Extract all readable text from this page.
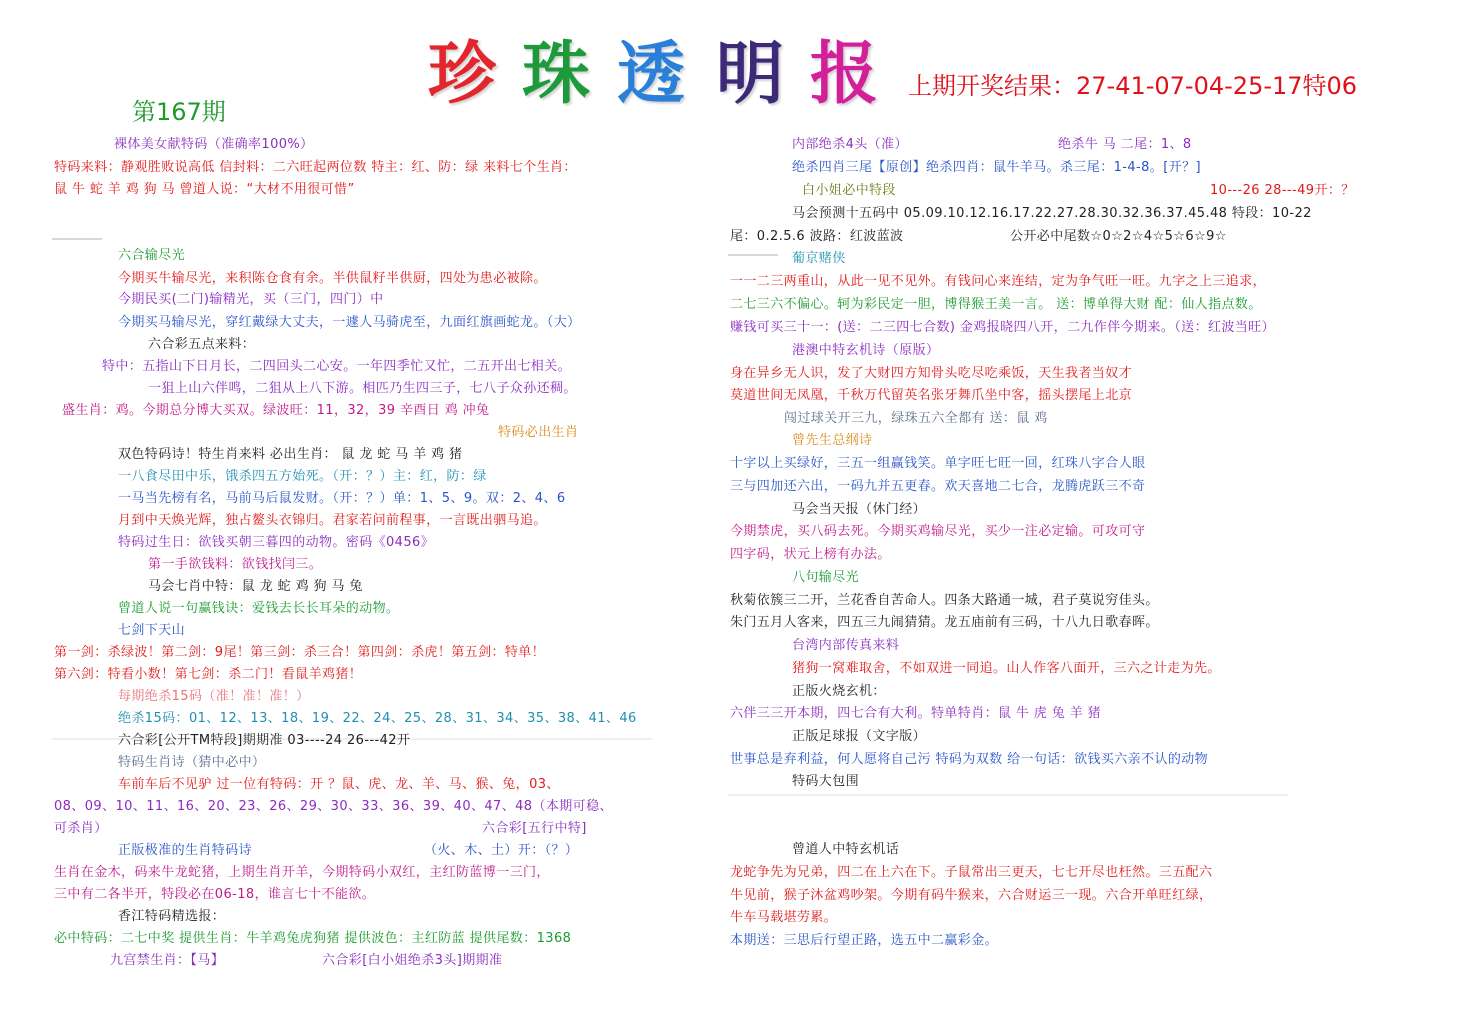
珍 珠 透 明 报 上期开奖结果：27-41-07-04-25-17特06
第167期
裸体美女献特码（准确率100%）
特码来料：静观胜败说高低 信封料：二六旺起两位数 特主：红、防：绿 来料七个生肖：
鼠 牛 蛇 羊 鸡 狗 马 曾道人说：“大材不用很可惜”
六合输尽光
今期买牛输尽光，来积陈仓食有余。半供鼠籽半供厨，四处为患必被除。
今期民买(二门)输精光，买（三门，四门）中
今期买马输尽光，穿红戴绿大丈夫，一遽人马骑虎至，九面红旗画蛇龙。（大）
六合彩五点来料：
特中：五指山下日月长，二四回头二心安。一年四季忙又忙，二五开出七相关。
一狙上山六伴鸣，二狙从上八下游。相匹乃生四三子，七八子众孙还稠。
盛生肖：鸡。今期总分博大买双。绿波旺：11，32，39 辛酉日 鸡 冲兔
特码必出生肖
双色特码诗！特生肖来料 必出生肖： 鼠 龙 蛇 马 羊 鸡 猪
一八食尽田中乐，饿杀四五方始死。（开：？）主：红，防：绿
一马当先榜有名，马前马后鼠发财。（开：？）单：1、5、9。双：2、4、6
月到中天焕光辉，独占鳌头衣锦归。君家若问前程事，一言既出驷马追。
特码过生日：欲钱买朝三暮四的动物。密码《0456》
第一手欲钱料：欲钱找闫三。
马会七肖中特：鼠 龙 蛇 鸡 狗 马 兔
曾道人说一句赢钱诀：爱钱去长长耳朵的动物。
七剑下天山
第一剑：杀绿波！第二剑：9尾！第三剑：杀三合！第四剑：杀虎！第五剑：特单！
第六剑：特看小数！第七剑：杀二门！看鼠羊鸡猪！
每期绝杀15码（准！准！准！）
绝杀15码：01、12、13、18、19、22、24、25、28、31、34、35、38、41、46
六合彩[公开TM特段]期期准 03----24 26---42开
特码生肖诗（猜中必中）
车前车后不见驴 过一位有特码：开 ？鼠、虎、龙、羊、马、猴、兔，03、
08、09、10、11、16、20、23、26、29、30、33、36、39、40、47、48（本期可稳、
可杀肖）	六合彩[五行中特]
正版极准的生肖特码诗	（火、木、土）开：（？）
生肖在金木，码来牛龙蛇猪，上期生肖开羊，今期特码小双红，主红防蓝博一三门，
三中有二各半开，特段必在06-18，谁言七十不能欲。
香江特码精选报：
必中特码：二七中奖 提供生肖：牛羊鸡兔虎狗猪 提供波色：主红防蓝 提供尾数：1368
九宫禁生肖：【马】	六合彩[白小姐绝杀3头]期期准
内部绝杀4头（准）	绝杀牛 马 二尾：1、8
绝杀四肖三尾【原创】绝杀四肖：鼠牛羊马。杀三尾：1-4-8。[开？]
白小姐必中特段	10---26 28---49开：？
马会预测十五码中 05.09.10.12.16.17.22.27.28.30.32.36.37.45.48 特段：10-22
尾：0.2.5.6 波路：红波蓝波	公开必中尾数☆0☆2☆4☆5☆6☆9☆
葡京赌侠
一一二三两重山，从此一见不见外。有钱问心来连结，定为争气旺一旺。九字之上三追求，
二七三六不偏心。轲为彩民定一胆，博得猴王美一言。 送：博单得大财 配：仙人指点数。
赚钱可买三十一：(送：二三四七合数) 金鸡报晓四八开，二九作伴今期来。（送：红波当旺）
港澳中特玄机诗（原版）
身在异乡无人识，发了大财四方知骨头吃尽吃乘饭，天生我者当奴才
莫道世间无凤凰，千秋万代留英名张牙舞爪坐中客，摇头摆尾上北京
闯过球关开三九，绿珠五六全都有 送：鼠 鸡
曾先生总纲诗
十字以上买绿好，三五一组赢钱笑。单字旺七旺一回，红珠八字合人眼
三与四加还六出，一码九并五更春。欢天喜地二七合，龙腾虎跃三不奇
马会当天报（休门经）
今期禁虎，买八码去死。今期买鸡输尽光，买少一注必定输。可攻可守
四字码，状元上榜有办法。
八句输尽光
秋菊依簇三二开，兰花香自苦命人。四条大路通一城，君子莫说穷佳头。
朱门五月人客来，四五三九闹猜猜。龙五庙前有三码，十八九日歌春晖。
台湾内部传真来料
猪狗一窝难取舍，不如双进一同追。山人作客八面开，三六之计走为先。
正版火烧玄机：
六伴三三开本期，四七合有大利。特单特肖：鼠 牛 虎 兔 羊 猪
正版足球报（文字版）
世事总是弃利益，何人愿将自己污 特码为双数 给一句话：欲钱买六亲不认的动物
特码大包围
曾道人中特玄机话
龙蛇争先为兄弟，四二在上六在下。子鼠常出三更天，七七开尽也枉然。三五配六
牛见前，猴子沐盆鸡吵架。今期有码牛猴来，六合财运三一现。六合开单旺红绿，
牛车马载堪劳累。
本期送：三思后行望正路，选五中二赢彩金。
